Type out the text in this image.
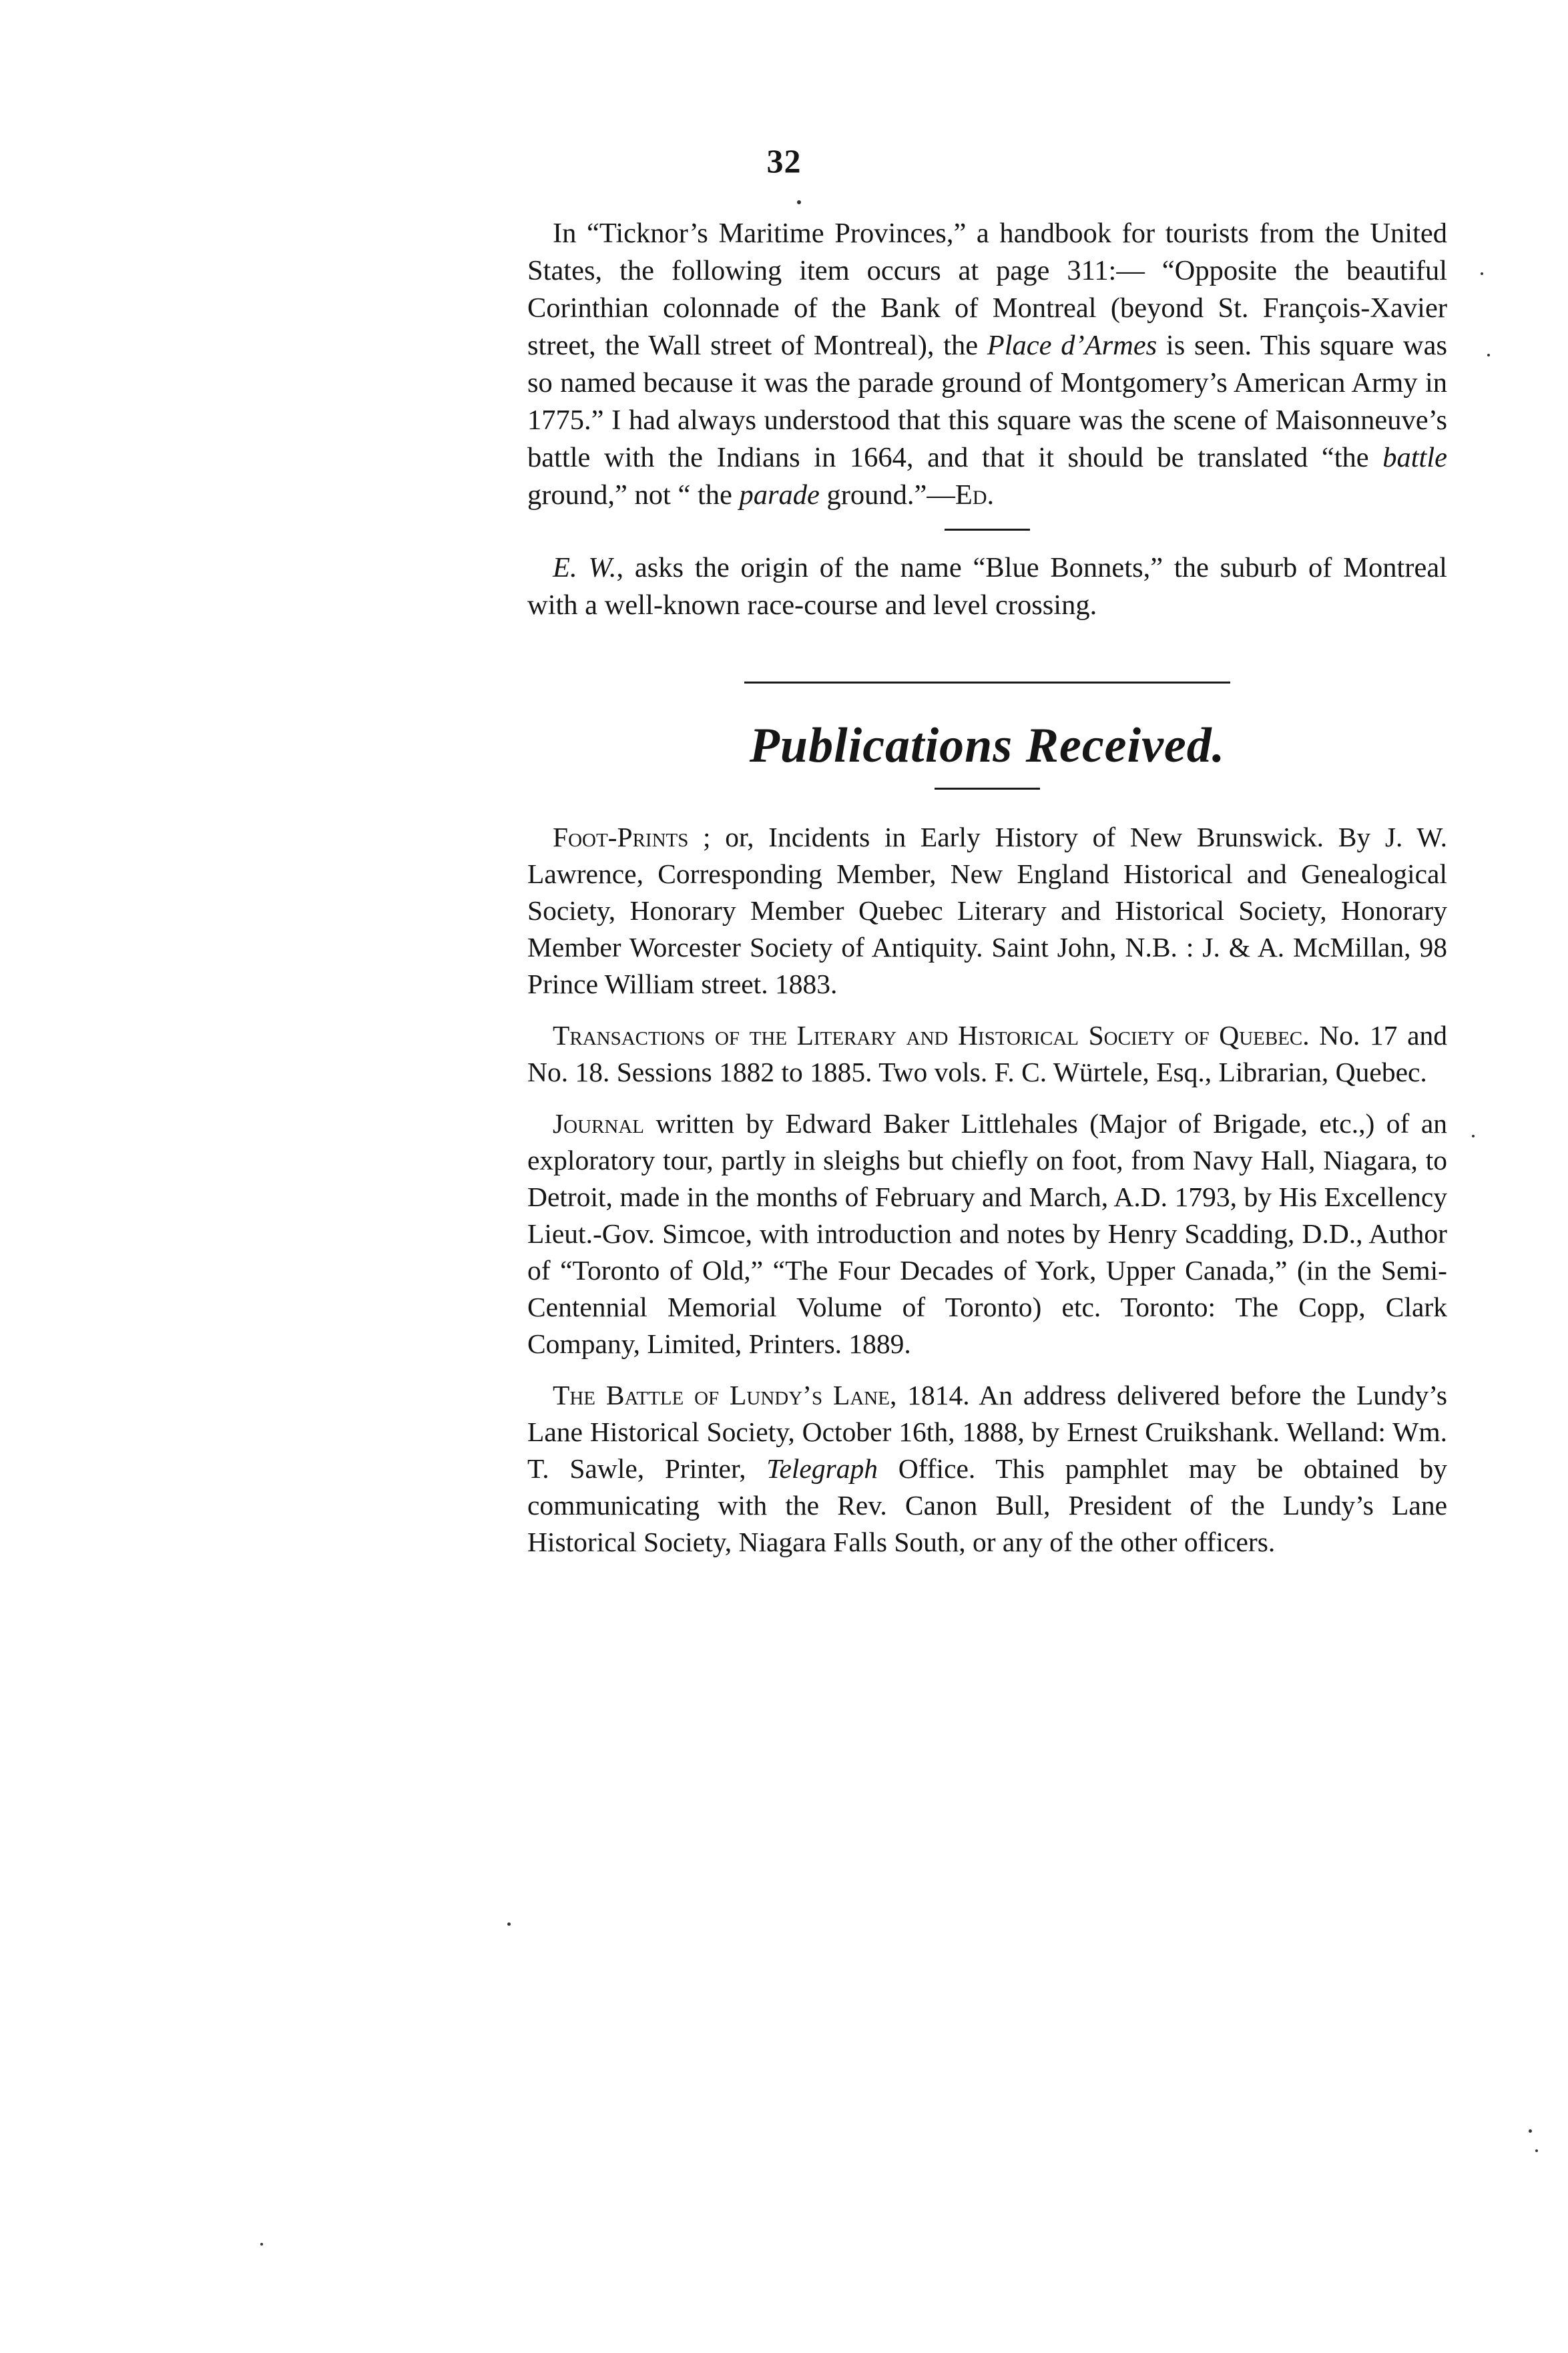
32

In “Ticknor’s Maritime Provinces,” a handbook for tourists from the United States, the following item occurs at page 311:— “Opposite the beautiful Corinthian colonnade of the Bank of Montreal (beyond St. François-Xavier street, the Wall street of Montreal), the Place d’Armes is seen. This square was so named because it was the parade ground of Montgomery’s American Army in 1775.” I had always understood that this square was the scene of Maisonneuve’s battle with the Indians in 1664, and that it should be translated “the battle ground,” not “ the parade ground.”—Ed.

E. W., asks the origin of the name “Blue Bonnets,” the suburb of Montreal with a well-known race-course and level crossing.

Publications Received.

Foot-Prints ; or, Incidents in Early History of New Brunswick. By J. W. Lawrence, Corresponding Member, New England Historical and Genealogical Society, Honorary Member Quebec Literary and Historical Society, Honorary Member Worcester Society of Antiquity. Saint John, N.B. : J. & A. McMillan, 98 Prince William street. 1883.

Transactions of the Literary and Historical Society of Quebec. No. 17 and No. 18. Sessions 1882 to 1885. Two vols. F. C. Würtele, Esq., Librarian, Quebec.

Journal written by Edward Baker Littlehales (Major of Brigade, etc.,) of an exploratory tour, partly in sleighs but chiefly on foot, from Navy Hall, Niagara, to Detroit, made in the months of February and March, A.D. 1793, by His Excellency Lieut.-Gov. Simcoe, with introduction and notes by Henry Scadding, D.D., Author of “Toronto of Old,” “The Four Decades of York, Upper Canada,” (in the Semi-Centennial Memorial Volume of Toronto) etc. Toronto: The Copp, Clark Company, Limited, Printers. 1889.

The Battle of Lundy’s Lane, 1814. An address delivered before the Lundy’s Lane Historical Society, October 16th, 1888, by Ernest Cruikshank. Welland: Wm. T. Sawle, Printer, Telegraph Office. This pamphlet may be obtained by communicating with the Rev. Canon Bull, President of the Lundy’s Lane Historical Society, Niagara Falls South, or any of the other officers.
